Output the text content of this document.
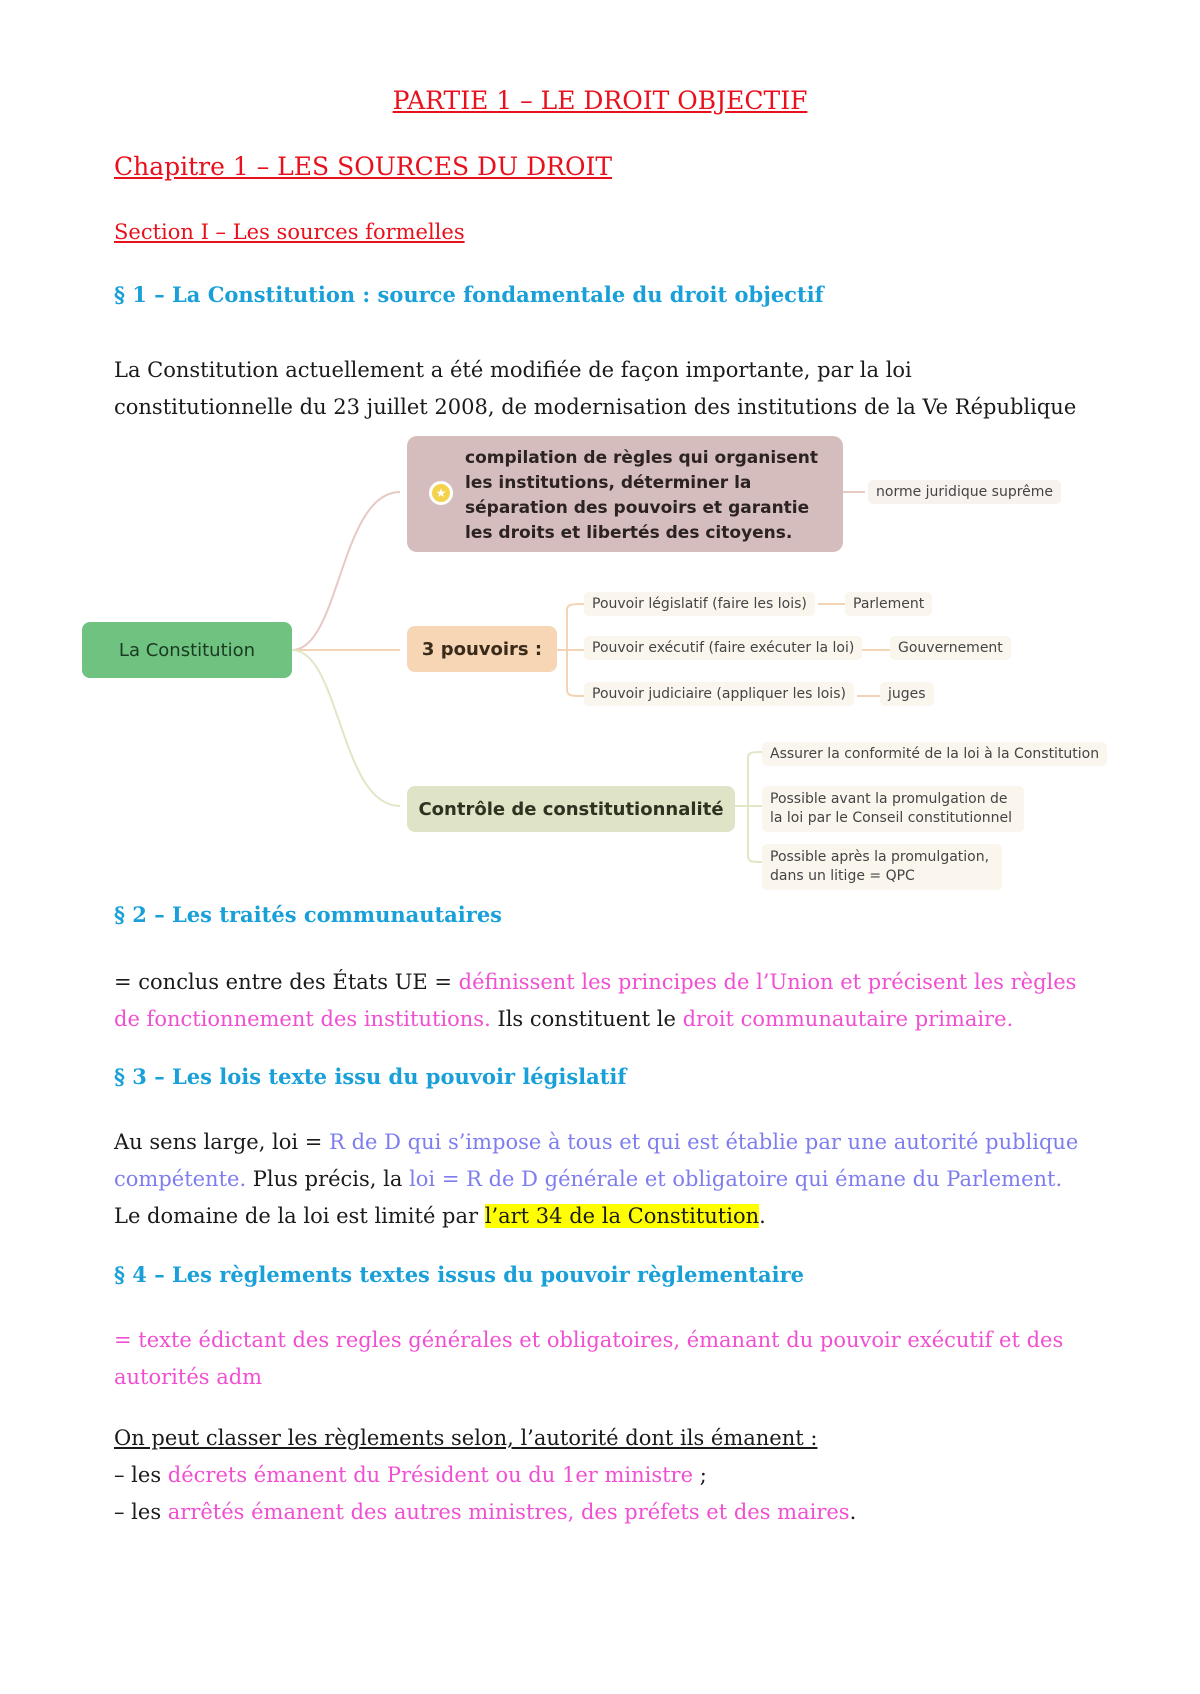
PARTIE 1 – LE DROIT OBJECTIF
Chapitre 1 – LES SOURCES DU DROIT
Section I – Les sources formelles
§ 1 – La Constitution : source fondamentale du droit objectif
La Constitution actuellement a été modifiée de façon importante, par la loi
constitutionnelle du 23 juillet 2008, de modernisation des institutions de la Ve République
La Constitution
★
compilation de règles qui organisent les institutions, déterminer la séparation des pouvoirs et garantie les droits et libertés des citoyens.
norme juridique suprême
3 pouvoirs :
Pouvoir législatif (faire les lois)	Parlement
Pouvoir exécutif (faire exécuter la loi)	Gouvernement
Pouvoir judiciaire (appliquer les lois)	juges
Contrôle de constitutionnalité
Assurer la conformité de la loi à la Constitution
Possible avant la promulgation de la loi par le Conseil constitutionnel
Possible après la promulgation, dans un litige = QPC
§ 2 – Les traités communautaires
= conclus entre des États UE = définissent les principes de l’Union et précisent les règles
de fonctionnement des institutions. Ils constituent le droit communautaire primaire.
§ 3 – Les lois texte issu du pouvoir législatif
Au sens large, loi = R de D qui s’impose à tous et qui est établie par une autorité publique
compétente. Plus précis, la loi = R de D générale et obligatoire qui émane du Parlement.
Le domaine de la loi est limité par l’art 34 de la Constitution.
§ 4 – Les règlements textes issus du pouvoir règlementaire
= texte édictant des regles générales et obligatoires, émanant du pouvoir exécutif et des
autorités adm
On peut classer les règlements selon, l’autorité dont ils émanent :
– les décrets émanent du Président ou du 1er ministre ;
– les arrêtés émanent des autres ministres, des préfets et des maires.
